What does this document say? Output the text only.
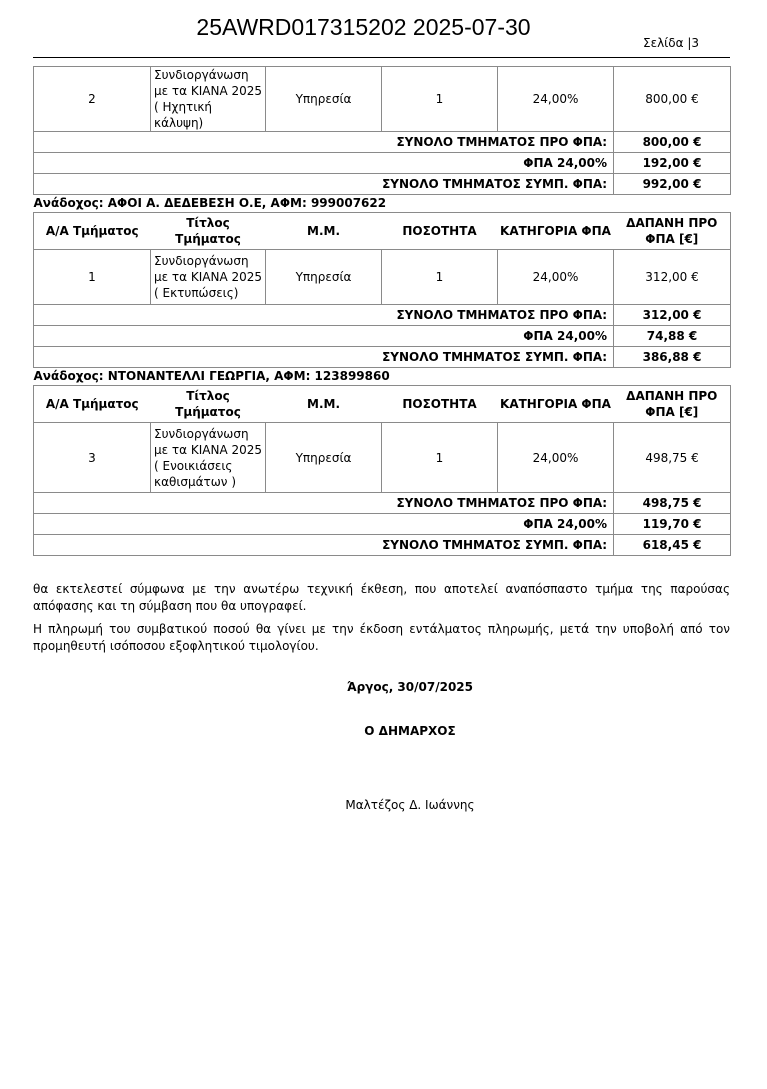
25AWRD017315202 2025-07-30
Σελίδα |3
2	Συνδιοργάνωση με τα ΚΙΑΝΑ 2025 ( Ηχητική κάλυψη)	Υπηρεσία	1	24,00%	800,00 €
ΣΥΝΟΛΟ ΤΜΗΜΑΤΟΣ ΠΡΟ ΦΠΑ:					800,00 €
ΦΠΑ 24,00%					192,00 €
ΣΥΝΟΛΟ ΤΜΗΜΑΤΟΣ ΣΥΜΠ. ΦΠΑ:					992,00 €
Ανάδοχος: ΑΦΟΙ Α. ΔΕΔΕΒΕΣΗ Ο.Ε, ΑΦΜ: 999007622					
Α/Α Τμήματος	Τίτλος Τμήματος	Μ.Μ.	ΠΟΣΟΤΗΤΑ	ΚΑΤΗΓΟΡΙΑ ΦΠΑ	ΔΑΠΑΝΗ ΠΡΟ ΦΠΑ [€]
1	Συνδιοργάνωση με τα ΚΙΑΝΑ 2025 ( Εκτυπώσεις)	Υπηρεσία	1	24,00%	312,00 €
ΣΥΝΟΛΟ ΤΜΗΜΑΤΟΣ ΠΡΟ ΦΠΑ:					312,00 €
ΦΠΑ 24,00%					74,88 €
ΣΥΝΟΛΟ ΤΜΗΜΑΤΟΣ ΣΥΜΠ. ΦΠΑ:					386,88 €
Ανάδοχος: ΝΤΟΝΑΝΤΕΛΛΙ ΓΕΩΡΓΙΑ, ΑΦΜ: 123899860					
Α/Α Τμήματος	Τίτλος Τμήματος	Μ.Μ.	ΠΟΣΟΤΗΤΑ	ΚΑΤΗΓΟΡΙΑ ΦΠΑ	ΔΑΠΑΝΗ ΠΡΟ ΦΠΑ [€]
3	Συνδιοργάνωση με τα ΚΙΑΝΑ 2025 ( Ενοικιάσεις καθισμάτων )	Υπηρεσία	1	24,00%	498,75 €
ΣΥΝΟΛΟ ΤΜΗΜΑΤΟΣ ΠΡΟ ΦΠΑ:					498,75 €
ΦΠΑ 24,00%					119,70 €
ΣΥΝΟΛΟ ΤΜΗΜΑΤΟΣ ΣΥΜΠ. ΦΠΑ:					618,45 €
θα εκτελεστεί σύμφωνα με την ανωτέρω τεχνική έκθεση, που αποτελεί αναπόσπαστο τμήμα της παρούσας απόφασης και τη σύμβαση που θα υπογραφεί.
Η πληρωμή του συμβατικού ποσού θα γίνει με την έκδοση εντάλματος πληρωμής, μετά την υποβολή από τον προμηθευτή ισόποσου εξοφλητικού τιμολογίου.
Άργος, 30/07/2025
Ο ΔΗΜΑΡΧΟΣ
Μαλτέζος Δ. Ιωάννης
